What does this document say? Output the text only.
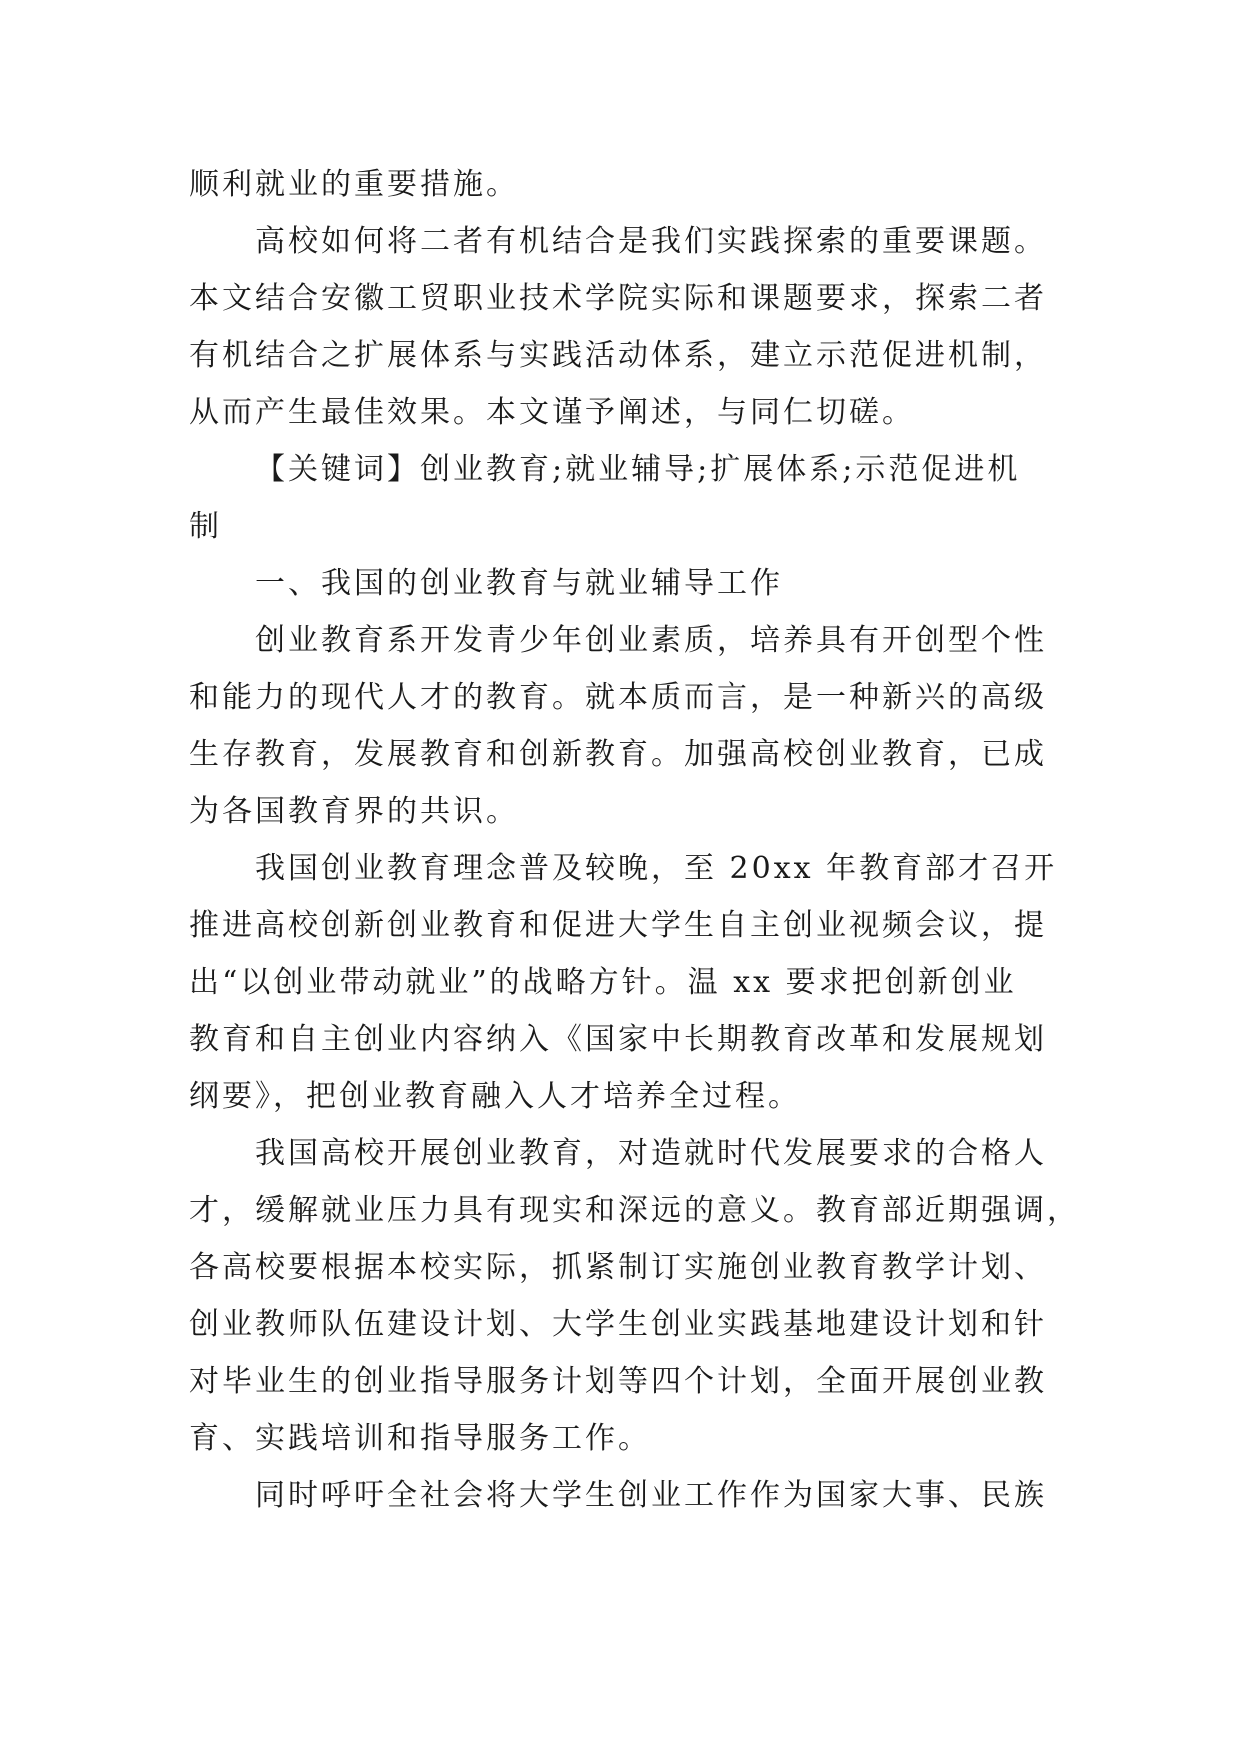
顺利就业的重要措施。

高校如何将二者有机结合是我们实践探索的重要课题。
本文结合安徽工贸职业技术学院实际和课题要求，探索二者
有机结合之扩展体系与实践活动体系，建立示范促进机制，
从而产生最佳效果。本文谨予阐述，与同仁切磋。

【关键词】创业教育;就业辅导;扩展体系;示范促进机
制

一、我国的创业教育与就业辅导工作

创业教育系开发青少年创业素质，培养具有开创型个性
和能力的现代人才的教育。就本质而言，是一种新兴的高级
生存教育，发展教育和创新教育。加强高校创业教育，已成
为各国教育界的共识。

我国创业教育理念普及较晚，至 20xx 年教育部才召开
推进高校创新创业教育和促进大学生自主创业视频会议，提
出“以创业带动就业”的战略方针。温 xx 要求把创新创业
教育和自主创业内容纳入《国家中长期教育改革和发展规划
纲要》，把创业教育融入人才培养全过程。

我国高校开展创业教育，对造就时代发展要求的合格人
才，缓解就业压力具有现实和深远的意义。教育部近期强调，
各高校要根据本校实际，抓紧制订实施创业教育教学计划、
创业教师队伍建设计划、大学生创业实践基地建设计划和针
对毕业生的创业指导服务计划等四个计划，全面开展创业教
育、实践培训和指导服务工作。

同时呼吁全社会将大学生创业工作作为国家大事、民族
